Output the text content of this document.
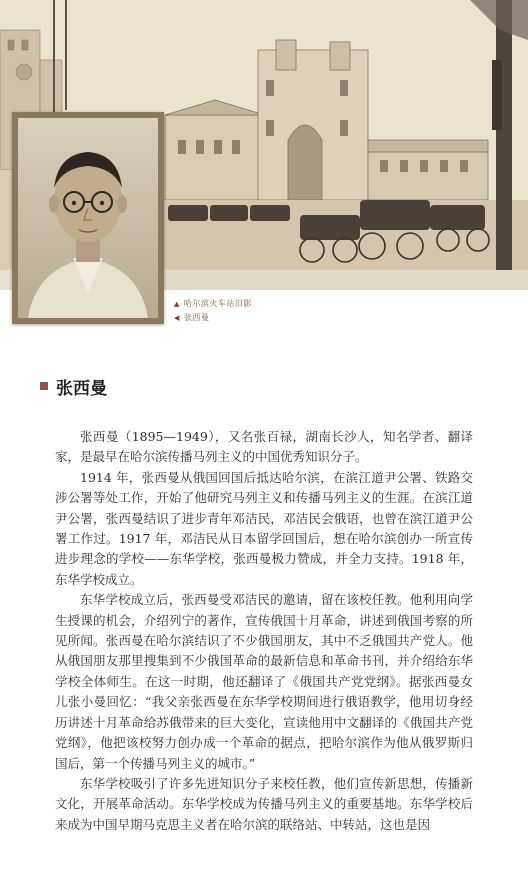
▲ 哈尔滨火车站旧影
◀ 张西曼
张西曼

张西曼（1895—1949），又名张百禄，湖南长沙人，知名学者、翻译家，是最早在哈尔滨传播马列主义的中国优秀知识分子。

1914 年，张西曼从俄国回国后抵达哈尔滨，在滨江道尹公署、铁路交涉公署等处工作，开始了他研究马列主义和传播马列主义的生涯。在滨江道尹公署，张西曼结识了进步青年邓洁民，邓洁民会俄语，也曾在滨江道尹公署工作过。1917 年，邓洁民从日本留学回国后，想在哈尔滨创办一所宣传进步理念的学校——东华学校，张西曼极力赞成，并全力支持。1918 年，东华学校成立。

东华学校成立后，张西曼受邓洁民的邀请，留在该校任教。他利用向学生授课的机会，介绍列宁的著作，宣传俄国十月革命，讲述到俄国考察的所见所闻。张西曼在哈尔滨结识了不少俄国朋友，其中不乏俄国共产党人。他从俄国朋友那里搜集到不少俄国革命的最新信息和革命书刊，并介绍给东华学校全体师生。在这一时期，他还翻译了《俄国共产党党纲》。据张西曼女儿张小曼回忆：“我父亲张西曼在东华学校期间进行俄语教学，他用切身经历讲述十月革命给苏俄带来的巨大变化，宣读他用中文翻译的《俄国共产党党纲》，他把该校努力创办成一个革命的据点，把哈尔滨作为他从俄罗斯归国后，第一个传播马列主义的城市。”

东华学校吸引了许多先进知识分子来校任教，他们宣传新思想，传播新文化，开展革命活动。东华学校成为传播马列主义的重要基地。东华学校后来成为中国早期马克思主义者在哈尔滨的联络站、中转站，这也是因
